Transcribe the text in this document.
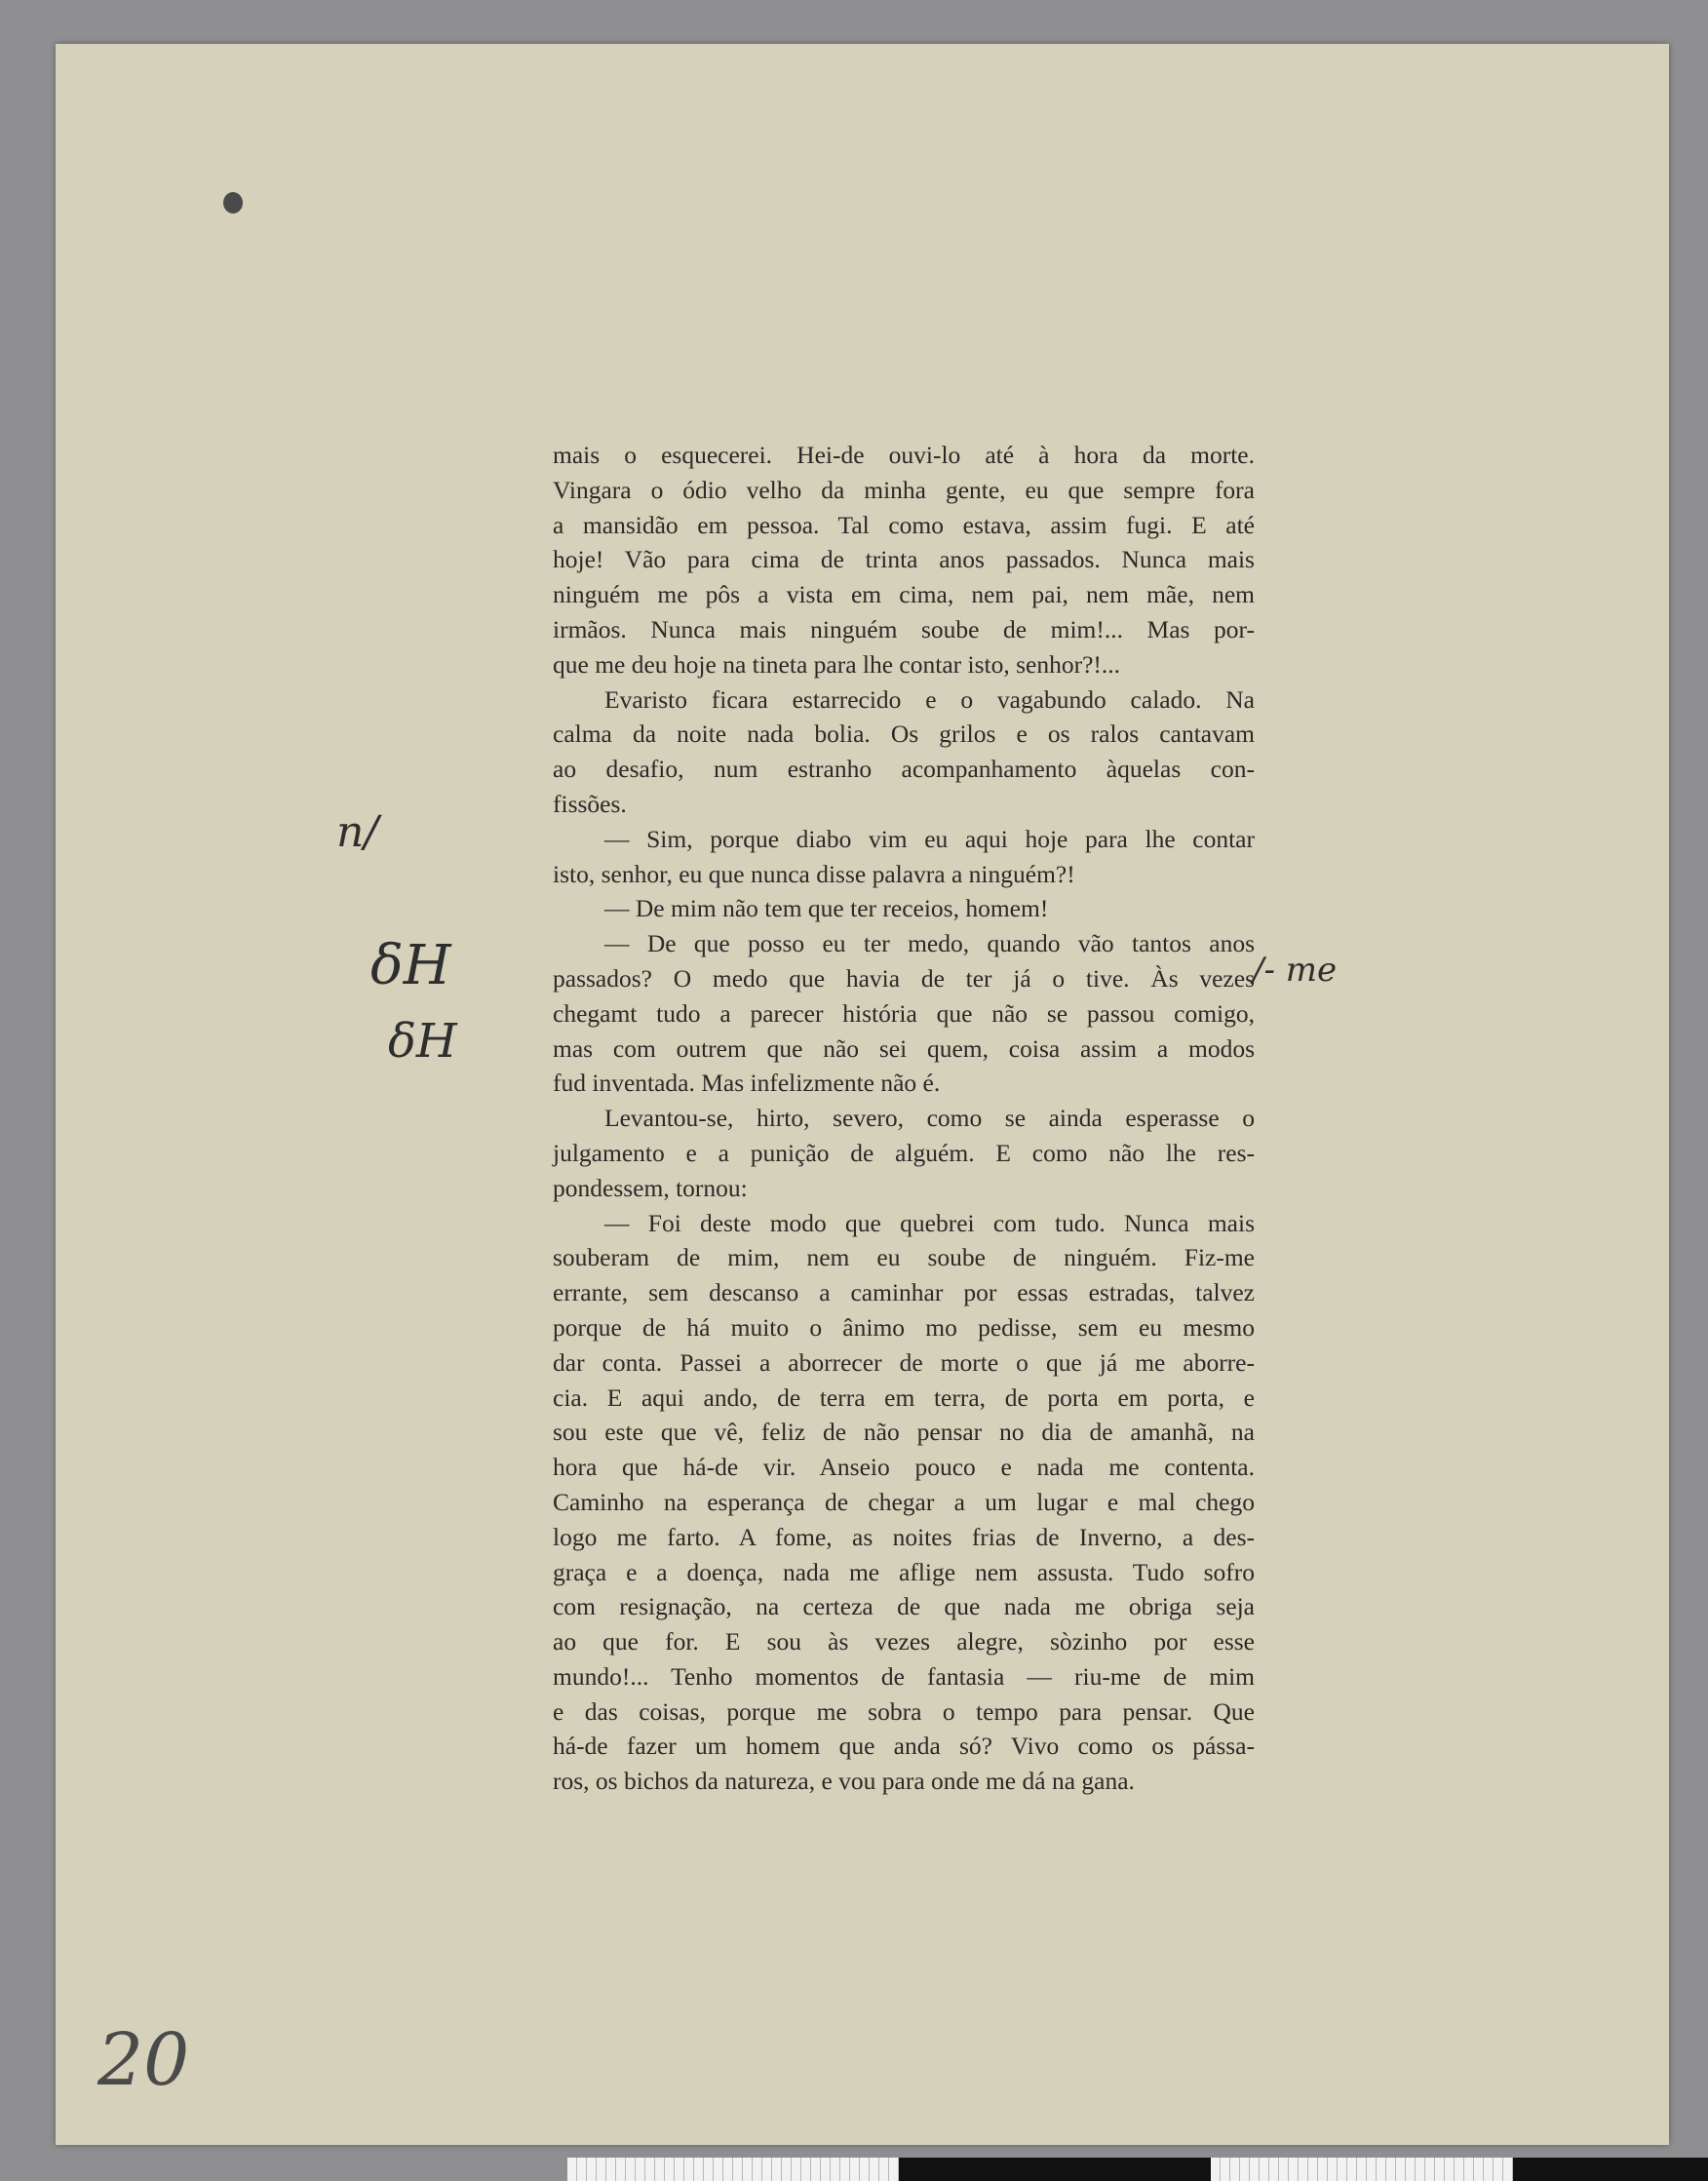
mais o esquecerei. Hei-de ouvi-lo até à hora da morte.
Vingara o ódio velho da minha gente, eu que sempre fora
a mansidão em pessoa. Tal como estava, assim fugi. E até
hoje! Vão para cima de trinta anos passados. Nunca mais
ninguém me pôs a vista em cima, nem pai, nem mãe, nem
irmãos. Nunca mais ninguém soube de mim!... Mas por-
que me deu hoje na tineta para lhe contar isto, senhor?!...
Evaristo ficara estarrecido e o vagabundo calado. Na
calma da noite nada bolia. Os grilos e os ralos cantavam
ao desafio, num estranho acompanhamento àquelas con-
fissões.
— Sim, porque diabo vim eu aqui hoje para lhe contar
isto, senhor, eu que nunca disse palavra a ninguém?!
— De mim não tem que ter receios, homem!
— De que posso eu ter medo, quando vão tantos anos
passados? O medo que havia de ter já o tive. Às vezes
chegamt tudo a parecer história que não se passou comigo,
mas com outrem que não sei quem, coisa assim a modos
fud inventada. Mas infelizmente não é.
Levantou-se, hirto, severo, como se ainda esperasse o
julgamento e a punição de alguém. E como não lhe res-
pondessem, tornou:
— Foi deste modo que quebrei com tudo. Nunca mais
souberam de mim, nem eu soube de ninguém. Fiz-me
errante, sem descanso a caminhar por essas estradas, talvez
porque de há muito o ânimo mo pedisse, sem eu mesmo
dar conta. Passei a aborrecer de morte o que já me aborre-
cia. E aqui ando, de terra em terra, de porta em porta, e
sou este que vê, feliz de não pensar no dia de amanhã, na
hora que há-de vir. Anseio pouco e nada me contenta.
Caminho na esperança de chegar a um lugar e mal chego
logo me farto. A fome, as noites frias de Inverno, a des-
graça e a doença, nada me aflige nem assusta. Tudo sofro
com resignação, na certeza de que nada me obriga seja
ao que for. E sou às vezes alegre, sòzinho por esse
mundo!... Tenho momentos de fantasia — riu-me de mim
e das coisas, porque me sobra o tempo para pensar. Que
há-de fazer um homem que anda só? Vivo como os pássa-
ros, os bichos da natureza, e vou para onde me dá na gana.
n/
δH
δH
/- me
20
